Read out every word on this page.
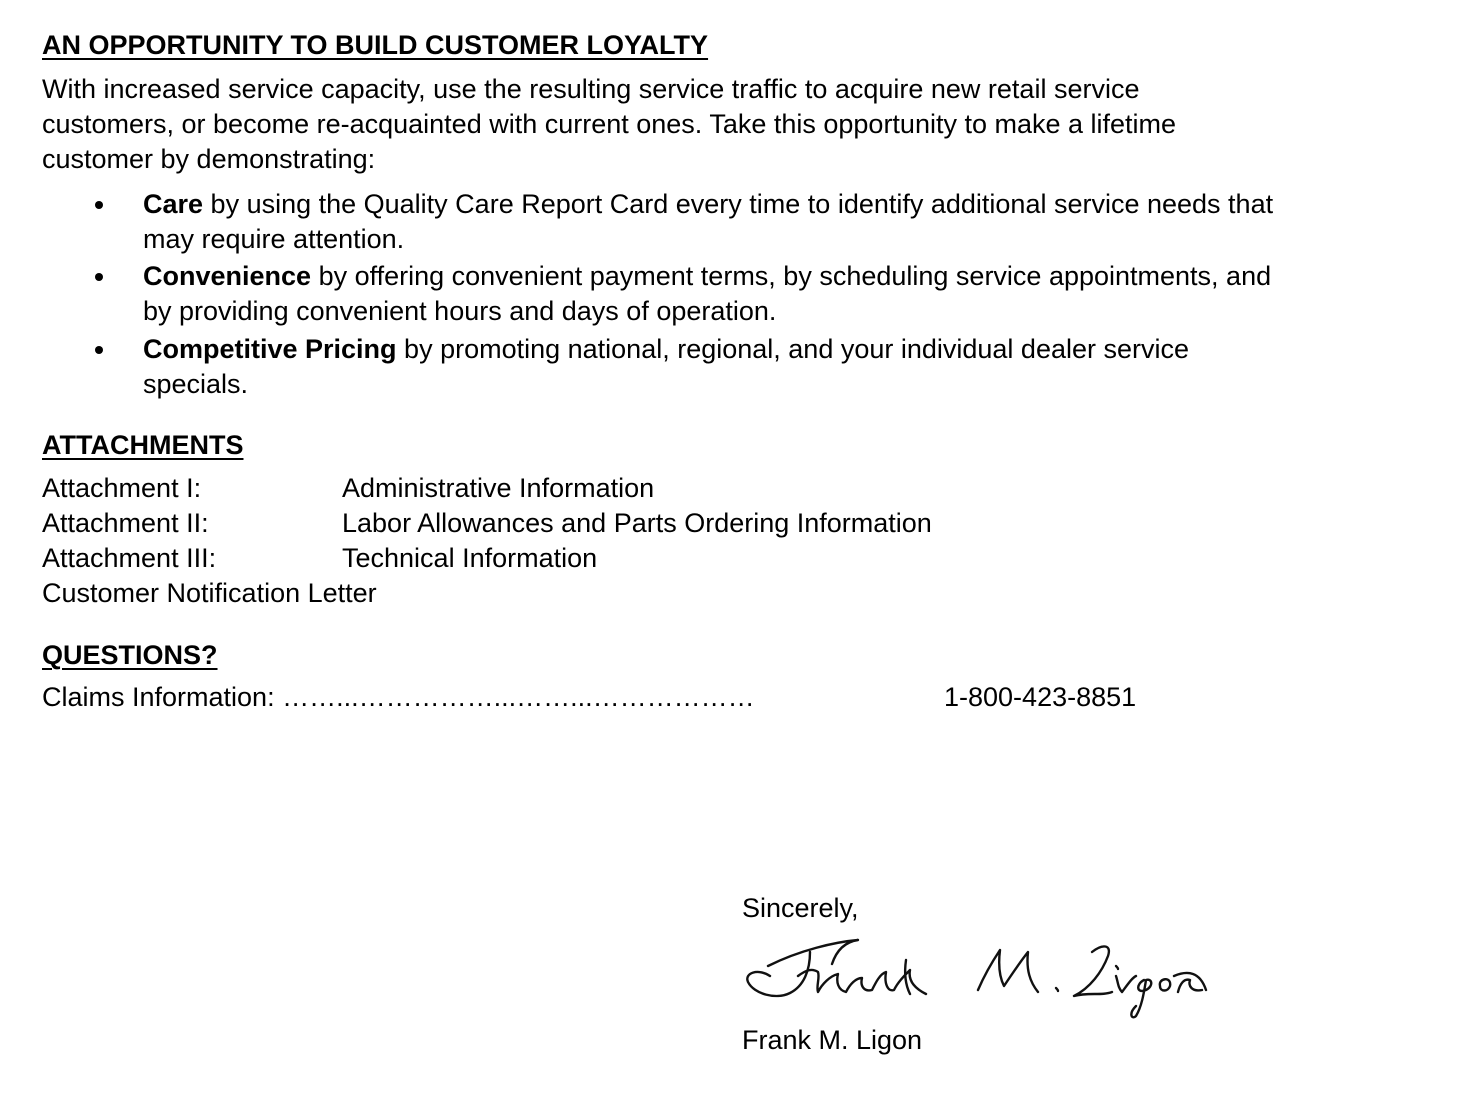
AN OPPORTUNITY TO BUILD CUSTOMER LOYALTY
With increased service capacity, use the resulting service traffic to acquire new retail service
customers, or become re-acquainted with current ones. Take this opportunity to make a lifetime
customer by demonstrating:
Care by using the Quality Care Report Card every time to identify additional service needs that
may require attention.
Convenience by offering convenient payment terms, by scheduling service appointments, and
by providing convenient hours and days of operation.
Competitive Pricing by promoting national, regional, and your individual dealer service
specials.
ATTACHMENTS
Attachment I:	Administrative Information
Attachment II:	Labor Allowances and Parts Ordering Information
Attachment III:	Technical Information
Customer Notification Letter
QUESTIONS?
Claims Information: ……...……………...……...………………	1-800-423-8851
Sincerely,
Frank M. Ligon
